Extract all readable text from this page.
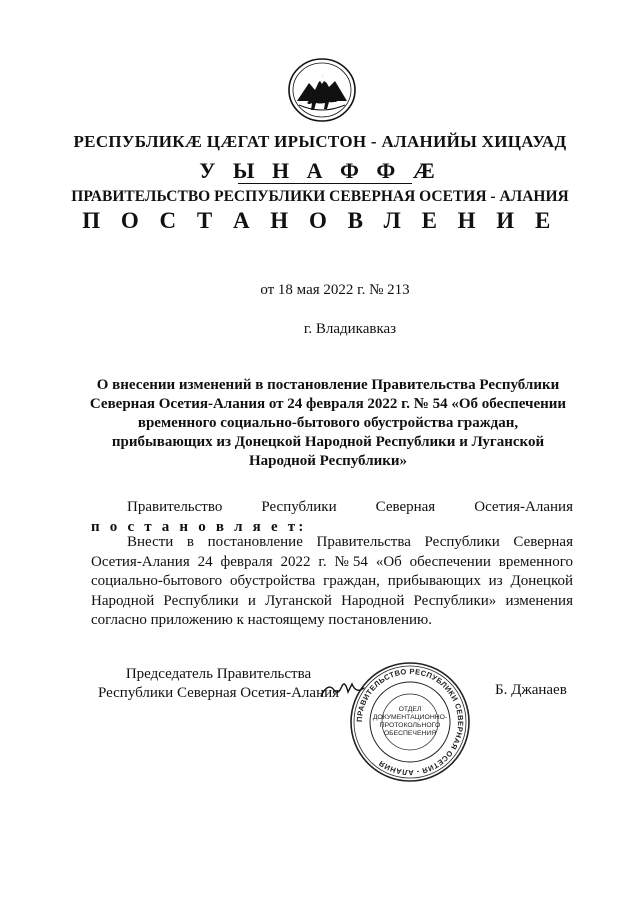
РЕСПУБЛИКÆ ЦÆГАТ ИРЫСТОН - АЛАНИЙЫ ХИЦАУАД
У Ы Н А Ф Ф Æ
ПРАВИТЕЛЬСТВО РЕСПУБЛИКИ СЕВЕРНАЯ ОСЕТИЯ - АЛАНИЯ
П О С Т А Н О В Л Е Н И Е
от 18 мая 2022 г. № 213
г. Владикавказ
О внесении изменений в постановление Правительства Республики Северная Осетия-Алания от 24 февраля 2022 г. № 54 «Об обеспечении временного социально-бытового обустройства граждан, прибывающих из Донецкой Народной Республики и Луганской Народной Республики»
Правительство	Республики	Северная	Осетия-Алания
п о с т а н о в л я е т:
Внести в постановление Правительства Республики Северная Осетия-Алания 24 февраля 2022 г. №54 «Об обеспечении временного социально-бытового обустройства граждан, прибывающих из Донецкой Народной Республики и Луганской Народной Республики» изменения согласно приложению к настоящему постановлению.
Председатель Правительства
Республики Северная Осетия-Алания	Б. Джанаев
ПРАВИТЕЛЬСТВО РЕСПУБЛИКИ СЕВЕРНАЯ ОСЕТИЯ - АЛАНИЯ
ОТДЕЛ
ДОКУМЕНТАЦИОННО-
ПРОТОКОЛЬНОГО
ОБЕСПЕЧЕНИЯ
